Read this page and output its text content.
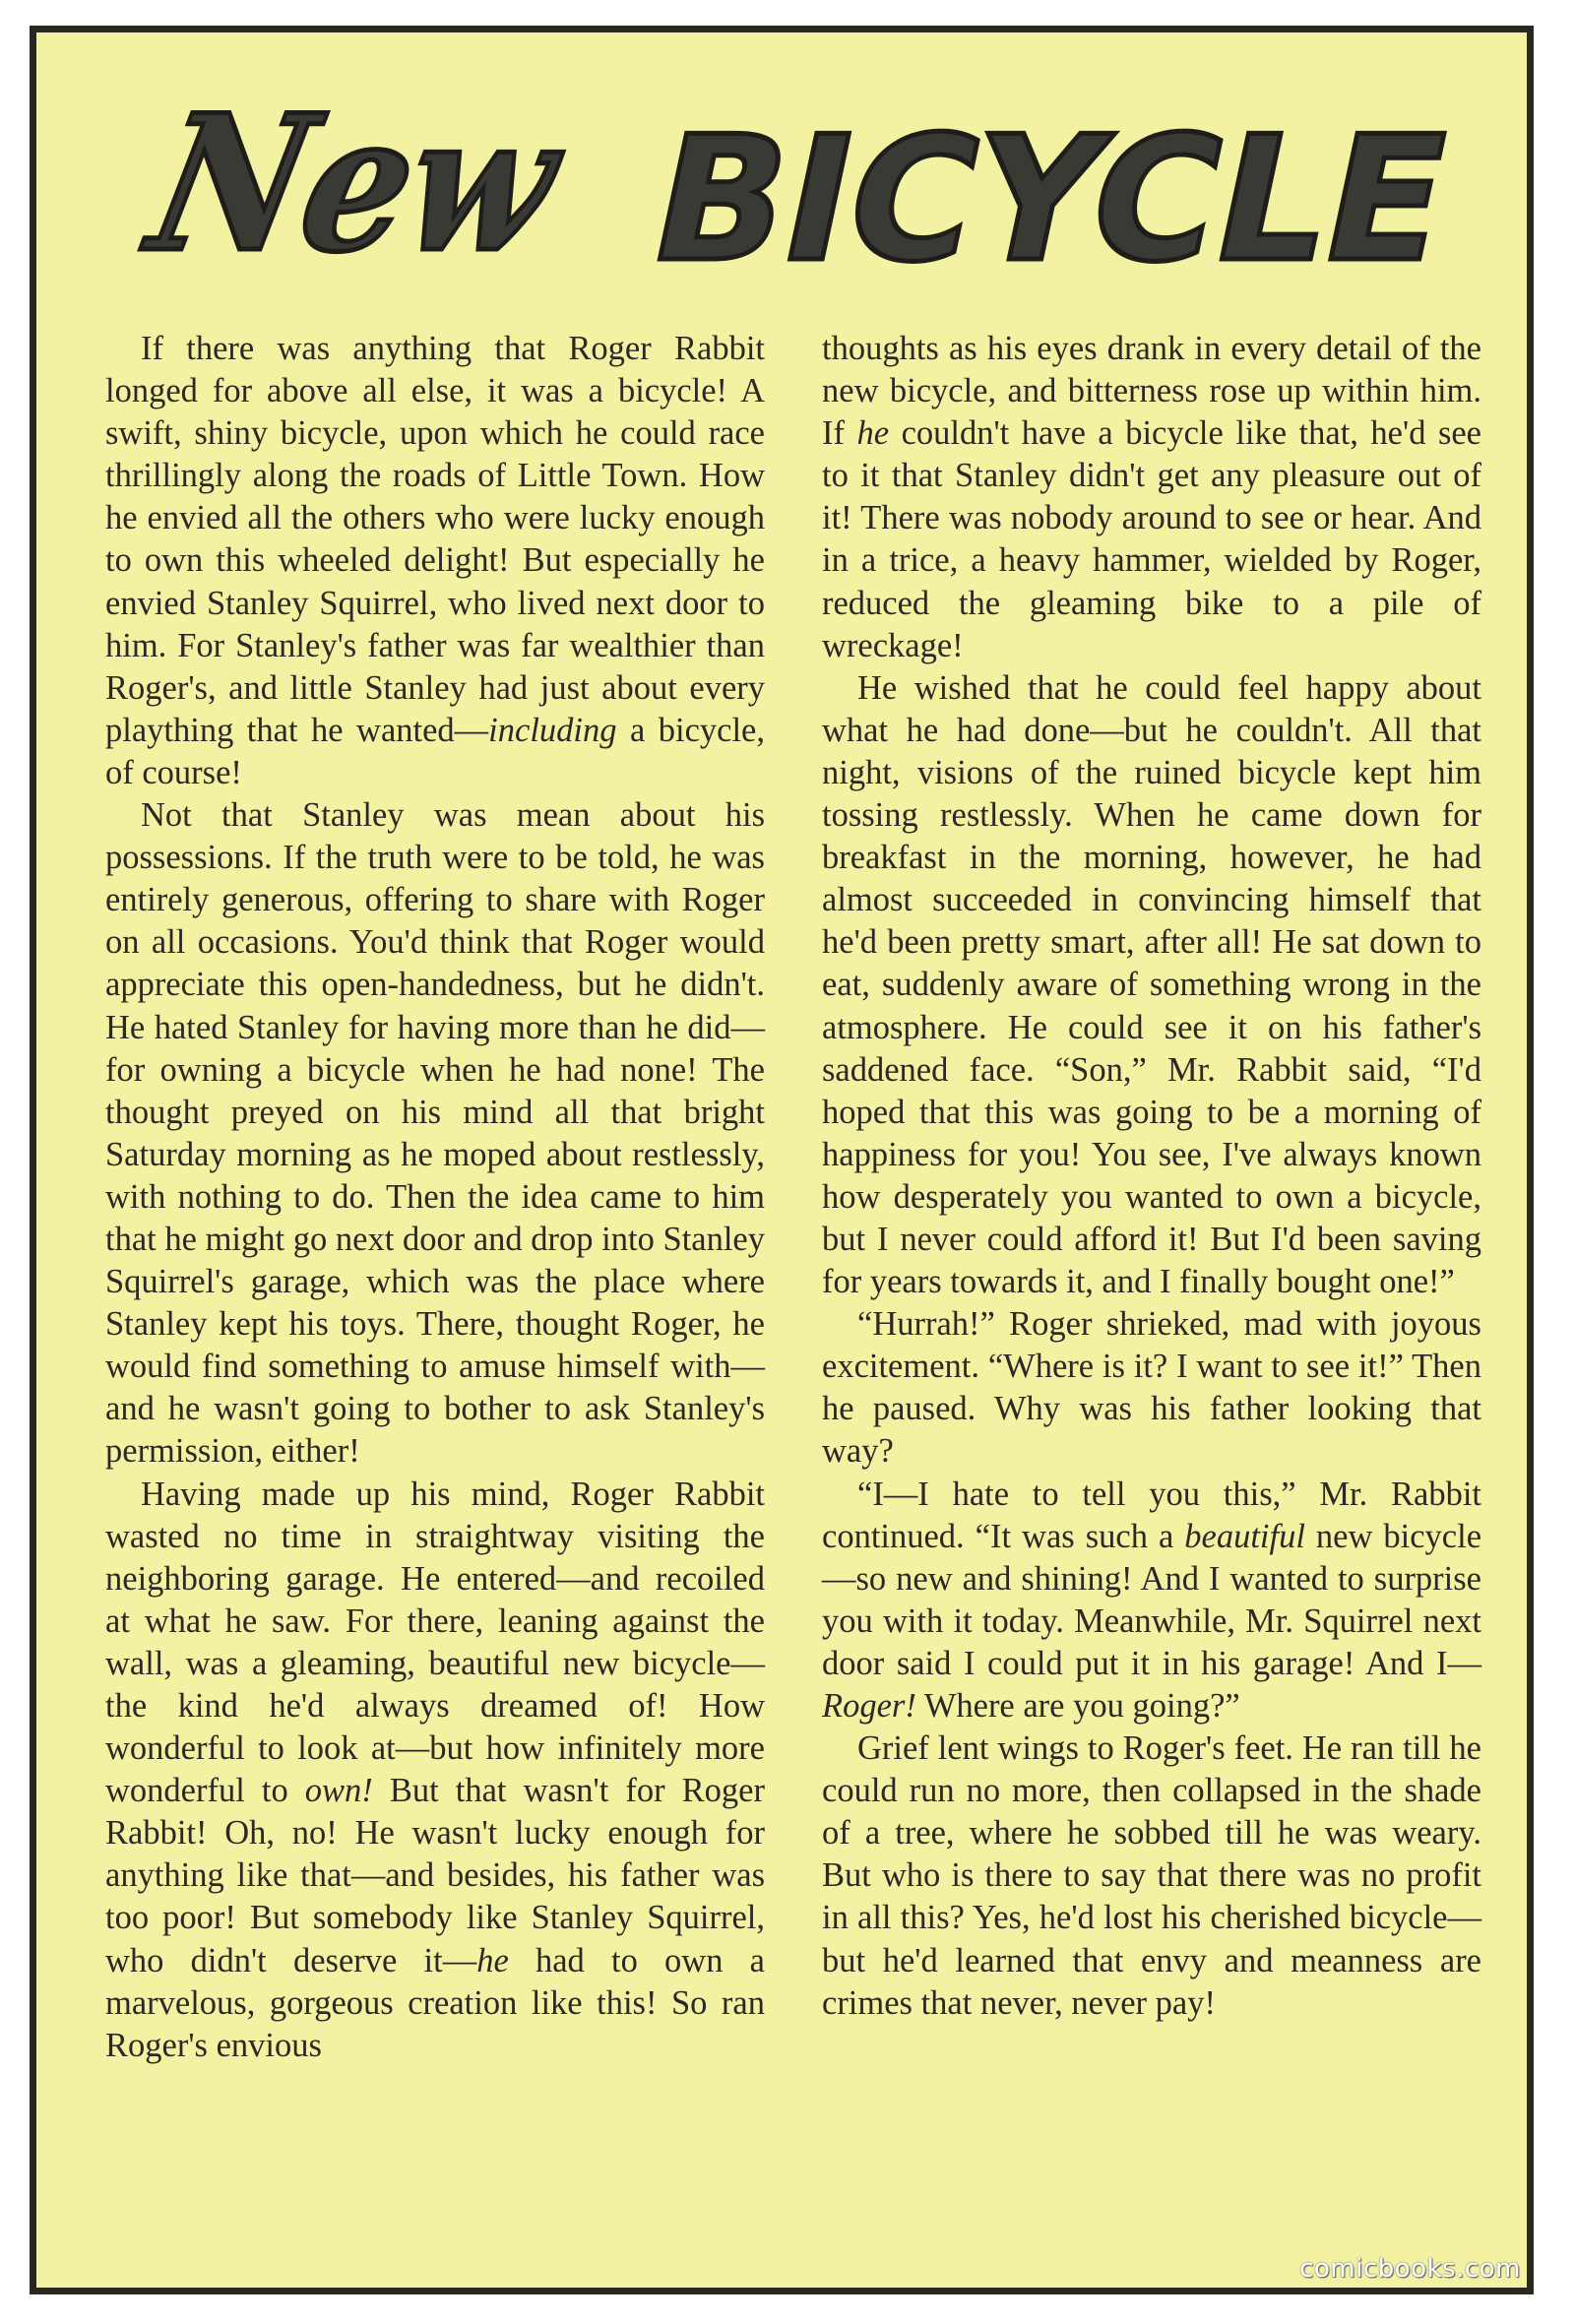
New BICYCLE

If there was anything that Roger Rabbit longed for above all else, it was a bicycle! A swift, shiny bicycle, upon which he could race thrillingly along the roads of Little Town. How he envied all the others who were lucky enough to own this wheeled delight! But especially he envied Stanley Squirrel, who lived next door to him. For Stanley's father was far wealthier than Roger's, and little Stanley had just about every plaything that he wanted—including a bicycle, of course!

Not that Stanley was mean about his possessions. If the truth were to be told, he was entirely generous, offering to share with Roger on all occasions. You'd think that Roger would appreciate this open-handedness, but he didn't. He hated Stanley for having more than he did—for owning a bicycle when he had none! The thought preyed on his mind all that bright Saturday morning as he moped about restlessly, with nothing to do. Then the idea came to him that he might go next door and drop into Stanley Squirrel's garage, which was the place where Stanley kept his toys. There, thought Roger, he would find something to amuse himself with—and he wasn't going to bother to ask Stanley's permission, either!

Having made up his mind, Roger Rabbit wasted no time in straightway visiting the neighboring garage. He entered—and recoiled at what he saw. For there, leaning against the wall, was a gleaming, beautiful new bicycle—the kind he'd always dreamed of! How wonderful to look at—but how infinitely more wonderful to own! But that wasn't for Roger Rabbit! Oh, no! He wasn't lucky enough for anything like that—and besides, his father was too poor! But somebody like Stanley Squirrel, who didn't deserve it—he had to own a marvelous, gorgeous creation like this! So ran Roger's envious

thoughts as his eyes drank in every detail of the new bicycle, and bitterness rose up within him. If he couldn't have a bicycle like that, he'd see to it that Stanley didn't get any pleasure out of it! There was nobody around to see or hear. And in a trice, a heavy hammer, wielded by Roger, reduced the gleaming bike to a pile of wreckage!

He wished that he could feel happy about what he had done—but he couldn't. All that night, visions of the ruined bicycle kept him tossing restlessly. When he came down for breakfast in the morning, however, he had almost succeeded in convincing himself that he'd been pretty smart, after all! He sat down to eat, suddenly aware of something wrong in the atmosphere. He could see it on his father's saddened face. “Son,” Mr. Rabbit said, “I'd hoped that this was going to be a morning of happiness for you! You see, I've always known how desperately you wanted to own a bicycle, but I never could afford it! But I'd been saving for years towards it, and I finally bought one!”

“Hurrah!” Roger shrieked, mad with joyous excitement. “Where is it? I want to see it!” Then he paused. Why was his father looking that way?

“I—I hate to tell you this,” Mr. Rabbit continued. “It was such a beautiful new bicycle—so new and shining! And I wanted to surprise you with it today. Meanwhile, Mr. Squirrel next door said I could put it in his garage! And I—Roger! Where are you going?”

Grief lent wings to Roger's feet. He ran till he could run no more, then collapsed in the shade of a tree, where he sobbed till he was weary. But who is there to say that there was no profit in all this? Yes, he'd lost his cherished bicycle—but he'd learned that envy and meanness are crimes that never, never pay!

comicbooks.com
